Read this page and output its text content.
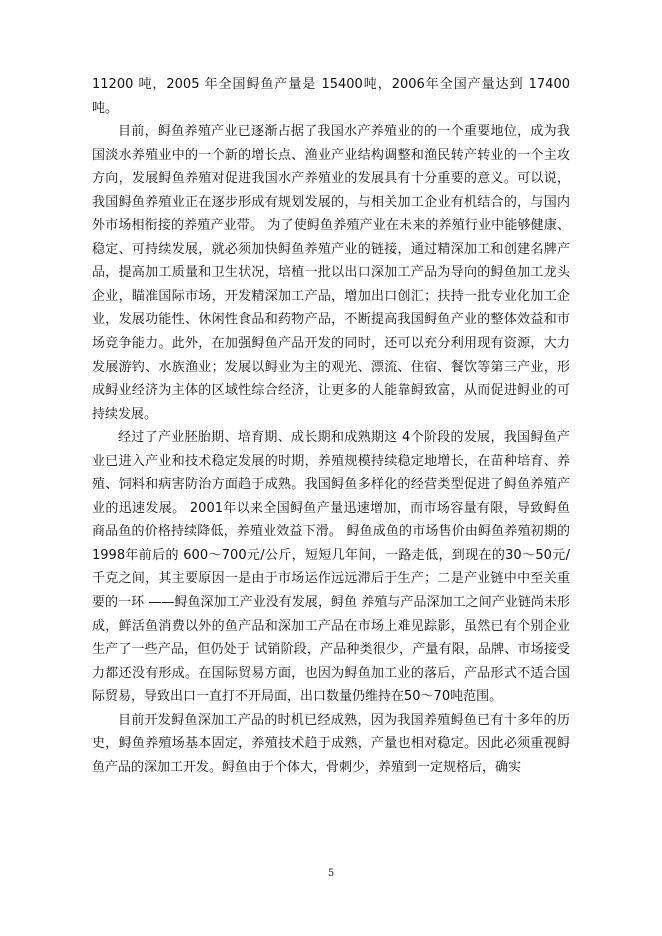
11200 吨，2005 年全国鲟鱼产量是 15400吨，2006年全国产量达到 17400 吨。

目前，鲟鱼养殖产业已逐渐占据了我国水产养殖业的的一个重要地位，成为我国淡水养殖业中的一个新的增长点、渔业产业结构调整和渔民转产转业的一个主攻方向，发展鲟鱼养殖对促进我国水产养殖业的发展具有十分重要的意义。可以说，我国鲟鱼养殖业正在逐步形成有规划发展的，与相关加工企业有机结合的，与国内外市场相衔接的养殖产业带。 为了使鲟鱼养殖产业在未来的养殖行业中能够健康、稳定、可持续发展，就必须加快鲟鱼养殖产业的链接，通过精深加工和创建名牌产品，提高加工质量和卫生状况，培植一批以出口深加工产品为导向的鲟鱼加工龙头企业，瞄准国际市场，开发精深加工产品，增加出口创汇；扶持一批专业化加工企业，发展功能性、休闲性食品和药物产品，不断提高我国鲟鱼产业的整体效益和市场竞争能力。此外，在加强鲟鱼产品开发的同时，还可以充分利用现有资源，大力发展游钓、水族渔业；发展以鲟业为主的观光、漂流、住宿、餐饮等第三产业，形成鲟业经济为主体的区域性综合经济，让更多的人能靠鲟致富，从而促进鲟业的可持续发展。

经过了产业胚胎期、培育期、成长期和成熟期这 4个阶段的发展，我国鲟鱼产业已进入产业和技术稳定发展的时期，养殖规模持续稳定地增长，在苗种培育、养殖、饲料和病害防治方面趋于成熟。我国鲟鱼多样化的经营类型促进了鲟鱼养殖产业的迅速发展。 2001年以来全国鲟鱼产量迅速增加，而市场容量有限，导致鲟鱼商品鱼的价格持续降低，养殖业效益下滑。 鲟鱼成鱼的市场售价由鲟鱼养殖初期的 1998年前后的 600～700元/公斤，短短几年间，一路走低，到现在的30～50元/千克之间，其主要原因一是由于市场运作远远滞后于生产；二是产业链中中至关重要的一环 ——鲟鱼深加工产业没有发展，鲟鱼 养殖与产品深加工之间产业链尚未形成，鲜活鱼消费以外的鱼产品和深加工产品在市场上难见踪影，虽然已有个别企业生产了一些产品，但仍处于 试销阶段，产品种类很少，产量有限，品牌、市场接受力都还没有形成。在国际贸易方面，也因为鲟鱼加工业的落后，产品形式不适合国际贸易，导致出口一直打不开局面，出口数量仍维持在50～70吨范围。

目前开发鲟鱼深加工产品的时机已经成熟，因为我国养殖鲟鱼已有十多年的历史，鲟鱼养殖场基本固定，养殖技术趋于成熟，产量也相对稳定。因此必须重视鲟鱼产品的深加工开发。鲟鱼由于个体大，骨刺少，养殖到一定规格后，确实

5
